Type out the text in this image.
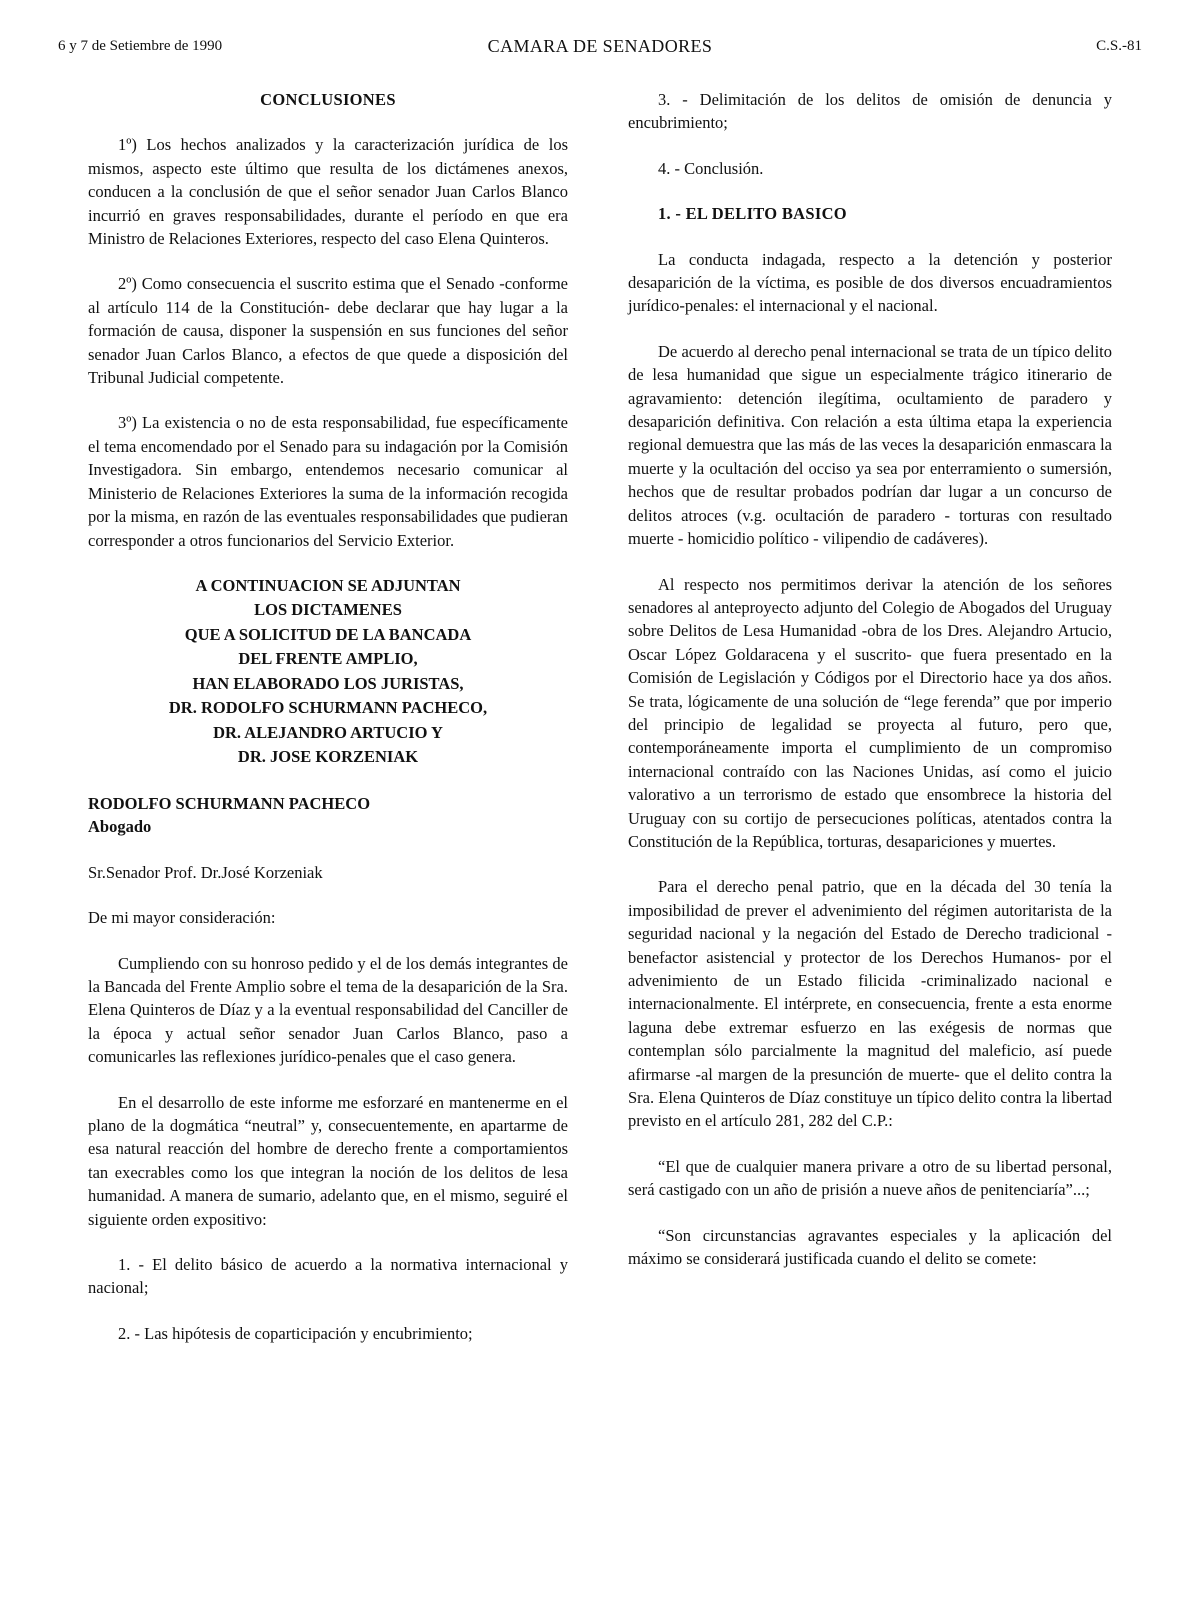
6 y 7 de Setiembre de 1990	CAMARA DE SENADORES	C.S.-81
CONCLUSIONES

1º) Los hechos analizados y la caracterización jurídica de los mismos, aspecto este último que resulta de los dictámenes anexos, conducen a la conclusión de que el señor senador Juan Carlos Blanco incurrió en graves responsabilidades, durante el período en que era Ministro de Relaciones Exteriores, respecto del caso Elena Quinteros.

2º) Como consecuencia el suscrito estima que el Senado -conforme al artículo 114 de la Constitución- debe declarar que hay lugar a la formación de causa, disponer la suspensión en sus funciones del señor senador Juan Carlos Blanco, a efectos de que quede a disposición del Tribunal Judicial competente.

3º) La existencia o no de esta responsabilidad, fue específicamente el tema encomendado por el Senado para su indagación por la Comisión Investigadora. Sin embargo, entendemos necesario comunicar al Ministerio de Relaciones Exteriores la suma de la información recogida por la misma, en razón de las eventuales responsabilidades que pudieran corresponder a otros funcionarios del Servicio Exterior.

A CONTINUACION SE ADJUNTAN
LOS DICTAMENES
QUE A SOLICITUD DE LA BANCADA
DEL FRENTE AMPLIO,
HAN ELABORADO LOS JURISTAS,
DR. RODOLFO SCHURMANN PACHECO,
DR. ALEJANDRO ARTUCIO Y
DR. JOSE KORZENIAK
RODOLFO SCHURMANN PACHECO
Abogado
Sr.Senador Prof. Dr.José Korzeniak
De mi mayor consideración:

Cumpliendo con su honroso pedido y el de los demás integrantes de la Bancada del Frente Amplio sobre el tema de la desaparición de la Sra. Elena Quinteros de Díaz y a la eventual responsabilidad del Canciller de la época y actual señor senador Juan Carlos Blanco, paso a comunicarles las reflexiones jurídico-penales que el caso genera.

En el desarrollo de este informe me esforzaré en mantenerme en el plano de la dogmática “neutral” y, consecuentemente, en apartarme de esa natural reacción del hombre de derecho frente a comportamientos tan execrables como los que integran la noción de los delitos de lesa humanidad. A manera de sumario, adelanto que, en el mismo, seguiré el siguiente orden expositivo:

1. - El delito básico de acuerdo a la normativa internacional y nacional;

2. - Las hipótesis de coparticipación y encubrimiento;

3. - Delimitación de los delitos de omisión de denuncia y encubrimiento;

4. - Conclusión.

1. - EL DELITO BASICO

La conducta indagada, respecto a la detención y posterior desaparición de la víctima, es posible de dos diversos encuadramientos jurídico-penales: el internacional y el nacional.

De acuerdo al derecho penal internacional se trata de un típico delito de lesa humanidad que sigue un especialmente trágico itinerario de agravamiento: detención ilegítima, ocultamiento de paradero y desaparición definitiva. Con relación a esta última etapa la experiencia regional demuestra que las más de las veces la desaparición enmascara la muerte y la ocultación del occiso ya sea por enterramiento o sumersión, hechos que de resultar probados podrían dar lugar a un concurso de delitos atroces (v.g. ocultación de paradero - torturas con resultado muerte - homicidio político - vilipendio de cadáveres).

Al respecto nos permitimos derivar la atención de los señores senadores al anteproyecto adjunto del Colegio de Abogados del Uruguay sobre Delitos de Lesa Humanidad -obra de los Dres. Alejandro Artucio, Oscar López Goldaracena y el suscrito- que fuera presentado en la Comisión de Legislación y Códigos por el Directorio hace ya dos años. Se trata, lógicamente de una solución de “lege ferenda” que por imperio del principio de legalidad se proyecta al futuro, pero que, contemporáneamente importa el cumplimiento de un compromiso internacional contraído con las Naciones Unidas, así como el juicio valorativo a un terrorismo de estado que ensombrece la historia del Uruguay con su cortijo de persecuciones políticas, atentados contra la Constitución de la República, torturas, desapariciones y muertes.

Para el derecho penal patrio, que en la década del 30 tenía la imposibilidad de prever el advenimiento del régimen autoritarista de la seguridad nacional y la negación del Estado de Derecho tradicional -benefactor asistencial y protector de los Derechos Humanos- por el advenimiento de un Estado filicida -criminalizado nacional e internacionalmente. El intérprete, en consecuencia, frente a esta enorme laguna debe extremar esfuerzo en las exégesis de normas que contemplan sólo parcialmente la magnitud del maleficio, así puede afirmarse -al margen de la presunción de muerte- que el delito contra la Sra. Elena Quinteros de Díaz constituye un típico delito contra la libertad previsto en el artículo 281, 282 del C.P.:

“El que de cualquier manera privare a otro de su libertad personal, será castigado con un año de prisión a nueve años de penitenciaría”...;

“Son circunstancias agravantes especiales y la aplicación del máximo se considerará justificada cuando el delito se comete:
